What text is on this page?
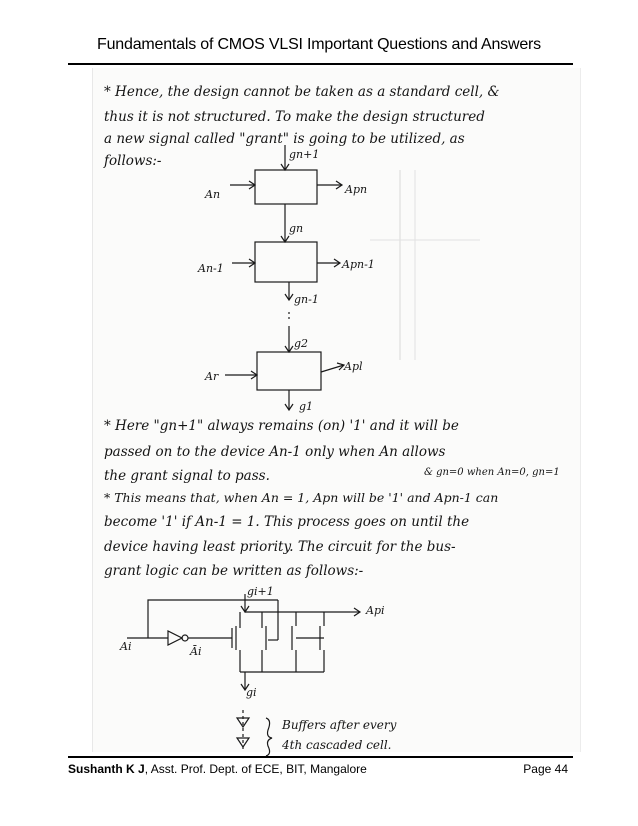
Fundamentals of CMOS VLSI Important Questions and Answers
* Hence, the design cannot be taken as a standard cell, &
thus it is not structured. To make the design structured
a new signal called "grant" is going to be utilized, as
follows:-	gn+1
An	Apn
gn
An-1	Apn-1
gn-1
g2
Ar
Apl
g1
* Here "gn+1" always remains (on) '1' and it will be
passed on to the device An-1 only when An allows
the grant signal to pass.	& gn=0 when An=0, gn=1
* This means that, when An = 1, Apn will be '1' and Apn-1 can
become '1' if An-1 = 1. This process goes on until the
device having least priority. The circuit for the bus-
grant logic can be written as follows:-
gi+1
Api
Ai	Āi
gi
Buffers after every
4th cascaded cell.
Sushanth K J, Asst. Prof. Dept. of ECE, BIT, Mangalore	Page 44
